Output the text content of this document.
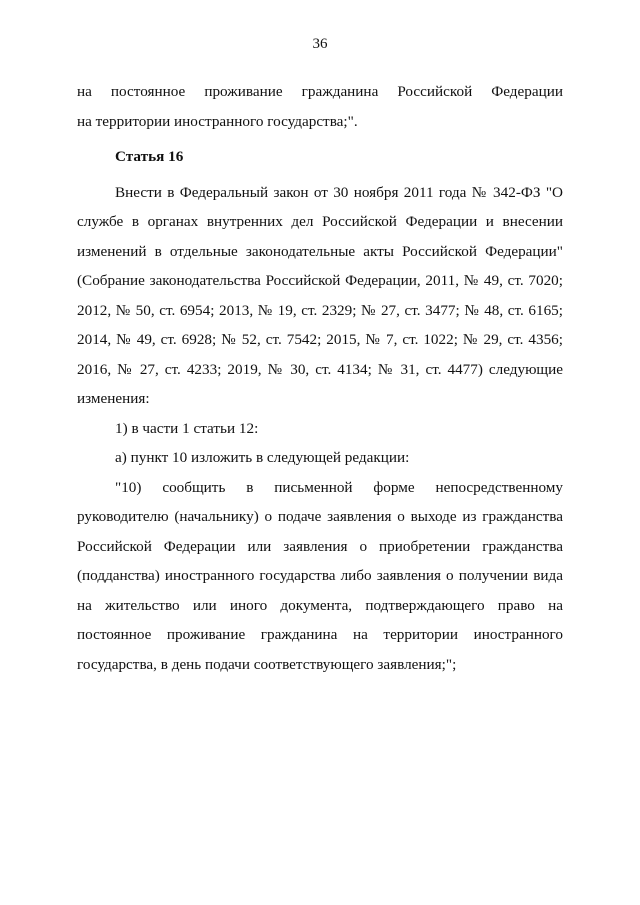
36

на постоянное проживание гражданина Российской Федерации

на территории иностранного государства;".

Статья 16

Внести в Федеральный закон от 30 ноября 2011 года № 342-ФЗ "О службе в органах внутренних дел Российской Федерации и внесении изменений в отдельные законодательные акты Российской Федерации" (Собрание законодательства Российской Федерации, 2011, № 49, ст. 7020; 2012, № 50, ст. 6954; 2013, № 19, ст. 2329; № 27, ст. 3477; № 48, ст. 6165; 2014, № 49, ст. 6928; № 52, ст. 7542; 2015, № 7, ст. 1022; № 29, ст. 4356; 2016, № 27, ст. 4233; 2019, № 30, ст. 4134; № 31, ст. 4477) следующие изменения:

1) в части 1 статьи 12:

а) пункт 10 изложить в следующей редакции:

"10) сообщить в письменной форме непосредственному руководителю (начальнику) о подаче заявления о выходе из гражданства Российской Федерации или заявления о приобретении гражданства (подданства) иностранного государства либо заявления о получении вида на жительство или иного документа, подтверждающего право на постоянное проживание гражданина на территории иностранного государства, в день подачи соответствующего заявления;";
